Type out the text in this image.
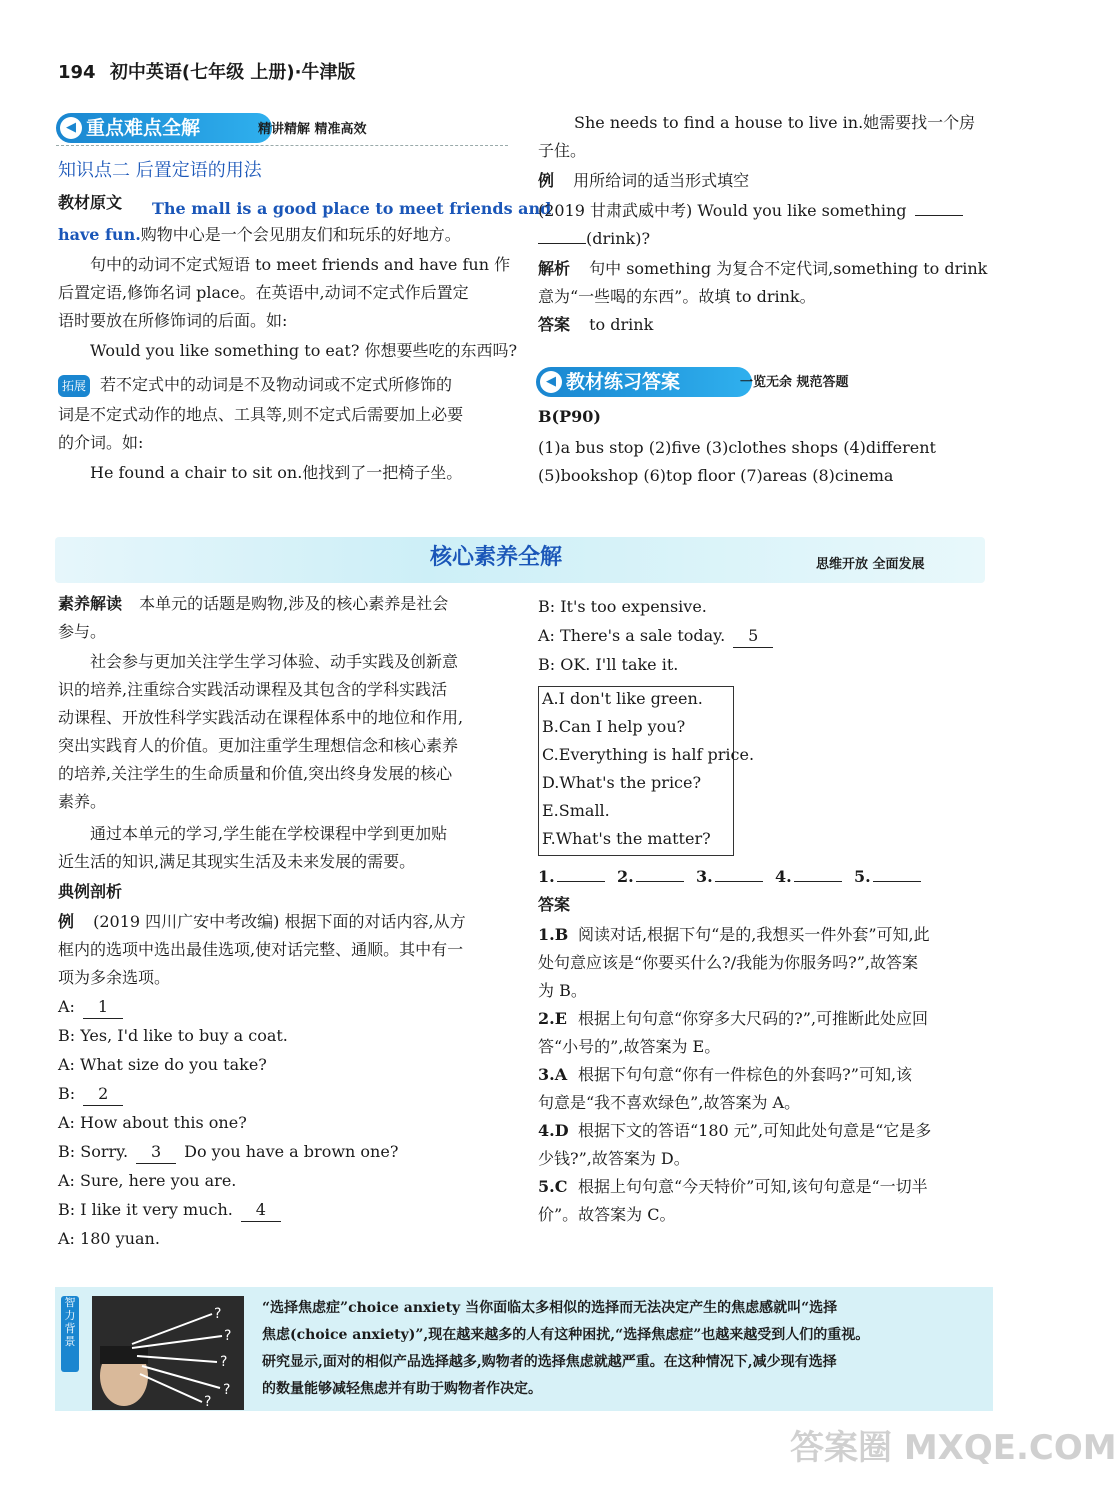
194 初中英语(七年级 上册)·牛津版
◀ 重点难点全解	精讲精解 精准高效
知识点二 后置定语的用法
教材原文 The mall is a good place to meet friends and
have fun.购物中心是一个会见朋友们和玩乐的好地方。
句中的动词不定式短语 to meet friends and have fun 作
后置定语,修饰名词 place。在英语中,动词不定式作后置定
语时要放在所修饰词的后面。如:
Would you like something to eat? 你想要些吃的东西吗?
拓展 若不定式中的动词是不及物动词或不定式所修饰的
词是不定式动作的地点、工具等,则不定式后需要加上必要
的介词。如:
He found a chair to sit on.他找到了一把椅子坐。
She needs to find a house to live in.她需要找一个房
子住。
例 用所给词的适当形式填空
(2019 甘肃武威中考) Would you like something
(drink)?
解析 句中 something 为复合不定代词,something to drink
意为“一些喝的东西”。故填 to drink。
答案 to drink
◀ 教材练习答案	一览无余 规范答题
B(P90)
(1)a bus stop (2)five (3)clothes shops (4)different
(5)bookshop (6)top floor (7)areas (8)cinema
核心素养全解	思维开放 全面发展
素养解读 本单元的话题是购物,涉及的核心素养是社会
参与。
社会参与更加关注学生学习体验、动手实践及创新意
识的培养,注重综合实践活动课程及其包含的学科实践活
动课程、开放性科学实践活动在课程体系中的地位和作用,
突出实践育人的价值。更加注重学生理想信念和核心素养
的培养,关注学生的生命质量和价值,突出终身发展的核心
素养。
通过本单元的学习,学生能在学校课程中学到更加贴
近生活的知识,满足其现实生活及未来发展的需要。
典例剖析
例 (2019 四川广安中考改编) 根据下面的对话内容,从方
框内的选项中选出最佳选项,使对话完整、通顺。其中有一
项为多余选项。
A: 1
B: Yes, I'd like to buy a coat.
A: What size do you take?
B: 2
A: How about this one?
B: Sorry. 3 Do you have a brown one?
A: Sure, here you are.
B: I like it very much. 4
A: 180 yuan.
B: It's too expensive.
A: There's a sale today. 5
B: OK. I'll take it.
A.I don't like green.
B.Can I help you?
C.Everything is half price.
D.What's the price?
E.Small.
F.What's the matter?
1.	2.	3.	4.	5.
答案
1.B 阅读对话,根据下句“是的,我想买一件外套”可知,此
处句意应该是“你要买什么?/我能为你服务吗?”,故答案
为 B。
2.E 根据上句句意“你穿多大尺码的?”,可推断此处应回
答“小号的”,故答案为 E。
3.A 根据下句句意“你有一件棕色的外套吗?”可知,该
句意是“我不喜欢绿色”,故答案为 A。
4.D 根据下文的答语“180 元”,可知此处句意是“它是多
少钱?”,故答案为 D。
5.C 根据上句句意“今天特价”可知,该句句意是“一切半
价”。故答案为 C。
智力背景
?
?
?
?
?
“选择焦虑症”choice anxiety 当你面临太多相似的选择而无法决定产生的焦虑感就叫“选择
焦虑(choice anxiety)”,现在越来越多的人有这种困扰,“选择焦虑症”也越来越受到人们的重视。
研究显示,面对的相似产品选择越多,购物者的选择焦虑就越严重。在这种情况下,减少现有选择
的数量能够减轻焦虑并有助于购物者作决定。
答案圈 MXQE.COM
